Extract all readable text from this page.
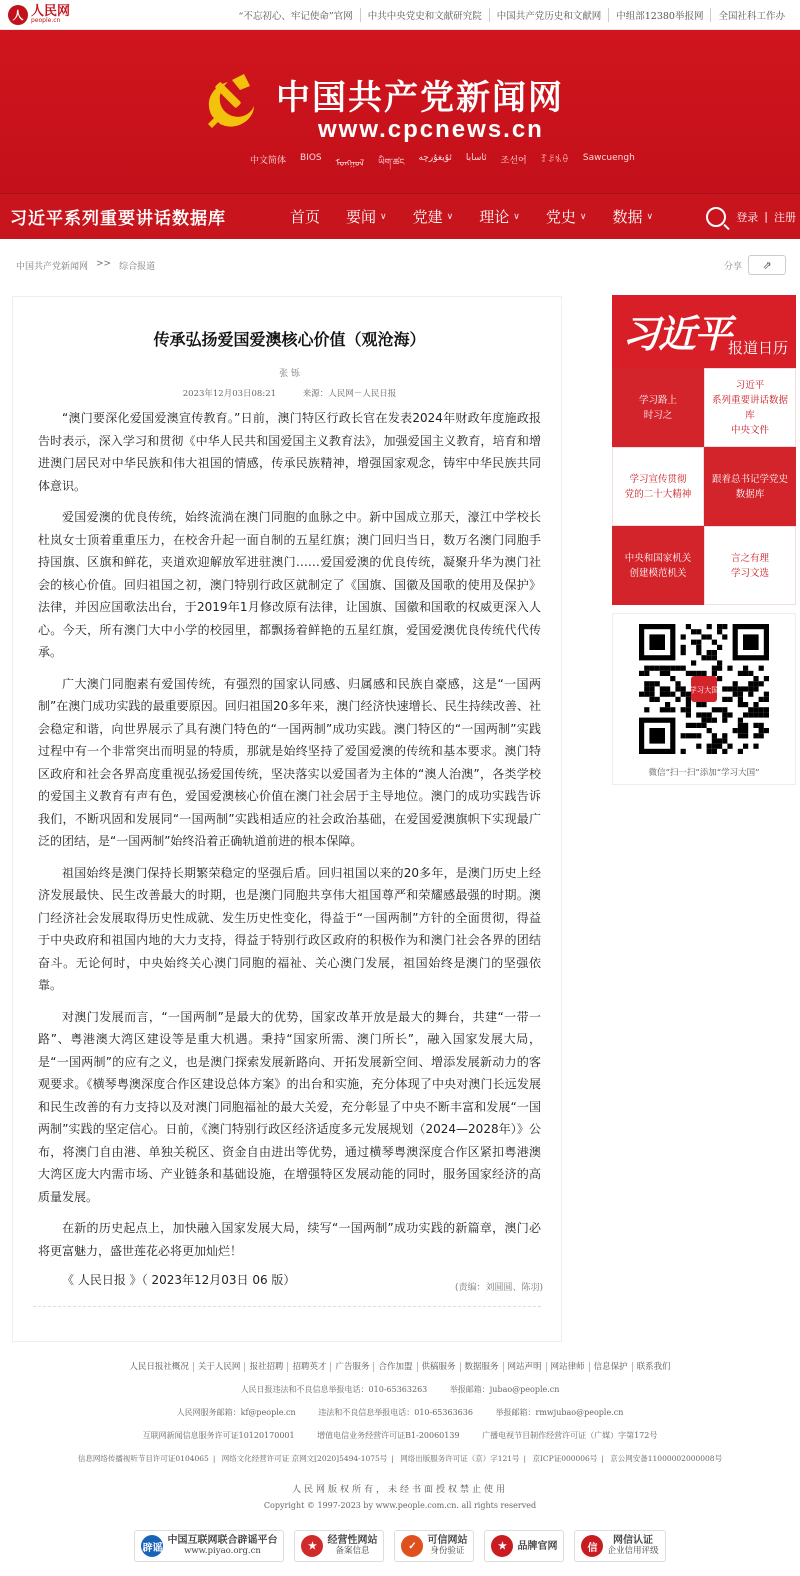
人 人民网
people.cn	“不忘初心、牢记使命”官网	中共中央党史和文献研究院	中国共产党历史和文献网	中组部12380举报网	全国社科工作办
中国共产党新闻网
www.cpcnews.cn
中文简体 BIOS
ᠮᠣᠩᠭᠣᠯ ཡིག་ཚང ئۇيغۇرچە ئاسابا 조선어 ꆈꌠꁱꂷ Sawcuengh
习近平系列重要讲话数据库	首页 要闻 ∨ 党建 ∨ 理论 ∨ 党史 ∨ 数据 ∨	登录 | 注册
中国共产党新闻网 >> 综合报道	分享 ⇗
传承弘扬爱国爱澳核心价值（观沧海）
张 铄
2023年12月03日08:21	来源：人民网－人民日报

“澳门要深化爱国爱澳宣传教育。”日前，澳门特区行政长官在发表2024年财政年度施政报告时表示，深入学习和贯彻《中华人民共和国爱国主义教育法》，加强爱国主义教育，培育和增进澳门居民对中华民族和伟大祖国的情感，传承民族精神，增强国家观念，铸牢中华民族共同体意识。

爱国爱澳的优良传统，始终流淌在澳门同胞的血脉之中。新中国成立那天，濠江中学校长杜岚女士顶着重重压力，在校舍升起一面自制的五星红旗；澳门回归当日，数万名澳门同胞手持国旗、区旗和鲜花，夹道欢迎解放军进驻澳门……爱国爱澳的优良传统，凝聚升华为澳门社会的核心价值。回归祖国之初，澳门特别行政区就制定了《国旗、国徽及国歌的使用及保护》法律，并因应国歌法出台，于2019年1月修改原有法律，让国旗、国徽和国歌的权威更深入人心。今天，所有澳门大中小学的校园里，都飘扬着鲜艳的五星红旗，爱国爱澳优良传统代代传承。

广大澳门同胞素有爱国传统，有强烈的国家认同感、归属感和民族自豪感，这是“一国两制”在澳门成功实践的最重要原因。回归祖国20多年来，澳门经济快速增长、民生持续改善、社会稳定和谐，向世界展示了具有澳门特色的“一国两制”成功实践。澳门特区的“一国两制”实践过程中有一个非常突出而明显的特质，那就是始终坚持了爱国爱澳的传统和基本要求。澳门特区政府和社会各界高度重视弘扬爱国传统，坚决落实以爱国者为主体的“澳人治澳”，各类学校的爱国主义教育有声有色，爱国爱澳核心价值在澳门社会居于主导地位。澳门的成功实践告诉我们，不断巩固和发展同“一国两制”实践相适应的社会政治基础，在爱国爱澳旗帜下实现最广泛的团结，是“一国两制”始终沿着正确轨道前进的根本保障。

祖国始终是澳门保持长期繁荣稳定的坚强后盾。回归祖国以来的20多年，是澳门历史上经济发展最快、民生改善最大的时期，也是澳门同胞共享伟大祖国尊严和荣耀感最强的时期。澳门经济社会发展取得历史性成就、发生历史性变化，得益于“一国两制”方针的全面贯彻，得益于中央政府和祖国内地的大力支持，得益于特别行政区政府的积极作为和澳门社会各界的团结奋斗。无论何时，中央始终关心澳门同胞的福祉、关心澳门发展，祖国始终是澳门的坚强依靠。

对澳门发展而言，“一国两制”是最大的优势，国家改革开放是最大的舞台，共建“一带一路”、粤港澳大湾区建设等是重大机遇。秉持“国家所需、澳门所长”，融入国家发展大局，是“一国两制”的应有之义，也是澳门探索发展新路向、开拓发展新空间、增添发展新动力的客观要求。《横琴粤澳深度合作区建设总体方案》的出台和实施，充分体现了中央对澳门长远发展和民生改善的有力支持以及对澳门同胞福祉的最大关爱，充分彰显了中央不断丰富和发展“一国两制”实践的坚定信心。日前，《澳门特别行政区经济适度多元发展规划（2024—2028年）》公布，将澳门自由港、单独关税区、资金自由进出等优势，通过横琴粤澳深度合作区紧扣粤港澳大湾区庞大内需市场、产业链条和基础设施，在增强特区发展动能的同时，服务国家经济的高质量发展。

在新的历史起点上，加快融入国家发展大局，续写“一国两制”成功实践的新篇章，澳门必将更富魅力，盛世莲花必将更加灿烂！

《 人民日报 》（ 2023年12月03日 06 版）
(责编：刘圆圆、陈羽)
习近平
报道日历
学习路上
时习之
习近平
系列重要讲话数据库
中央文件
学习宣传贯彻
党的二十大精神
跟着总书记学党史
数据库
中央和国家机关
创建模范机关
言之有理
学习文选
学习大国
微信“扫一扫”添加“学习大国”
人民日报社概况 关于人民网 报社招聘 招聘英才 广告服务 合作加盟 供稿服务 数据服务 网站声明 网站律师 信息保护 联系我们
人民日报违法和不良信息举报电话：010-65363263	举报邮箱：jubao@people.cn
人民网服务邮箱：kf@people.cn	违法和不良信息举报电话：010-65363636	举报邮箱：rmwjubao@people.cn
互联网新闻信息服务许可证10120170001	增值电信业务经营许可证B1-20060139	广播电视节目制作经营许可证（广媒）字第172号
信息网络传播视听节目许可证0104065 | 网络文化经营许可证 京网文[2020]5494-1075号 | 网络出版服务许可证（京）字121号 | 京ICP证000006号 | 京公网安备11000002000008号
人民网版权所有，未经书面授权禁止使用
Copyright © 1997-2023 by www.people.com.cn. all rights reserved
辟谣
中国互联网联合辟谣平台
www.piyao.org.cn	★	经营性网站
备案信息	✓	可信网站
身份验证	★	品牌官网	信
网信认证
企业信用评级
